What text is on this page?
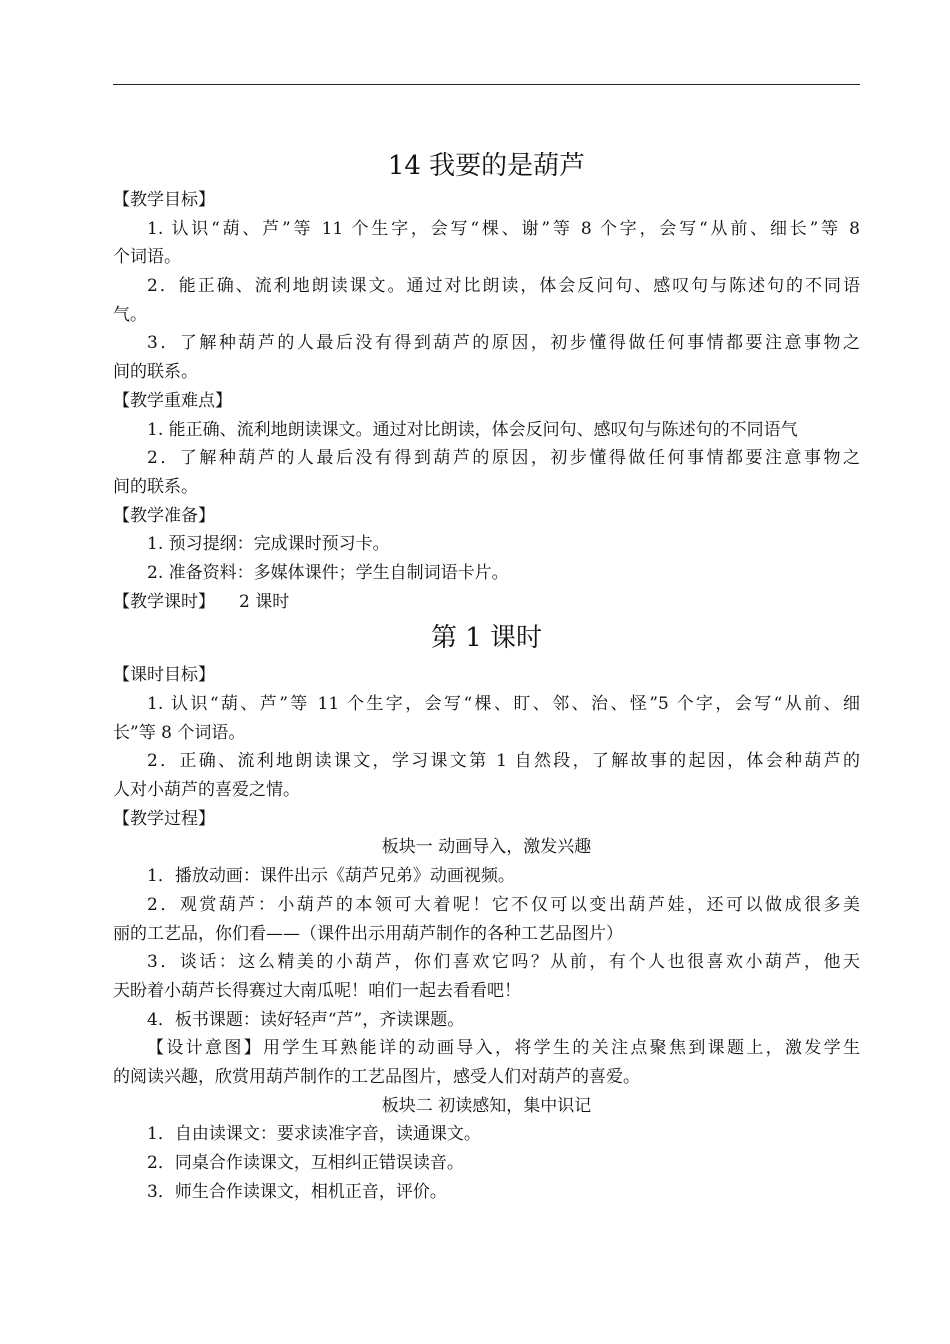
14 我要的是葫芦
【教学目标】
1. 认识“葫、芦”等 11 个生字，会写“棵、谢”等 8 个字，会写“从前、细长”等 8
个词语。
2．能正确、流利地朗读课文。通过对比朗读，体会反问句、感叹句与陈述句的不同语
气。
3．了解种葫芦的人最后没有得到葫芦的原因，初步懂得做任何事情都要注意事物之
间的联系。
【教学重难点】
1. 能正确、流利地朗读课文。通过对比朗读，体会反问句、感叹句与陈述句的不同语气
2．了解种葫芦的人最后没有得到葫芦的原因，初步懂得做任何事情都要注意事物之
间的联系。
【教学准备】
1. 预习提纲：完成课时预习卡。
2. 准备资料：多媒体课件；学生自制词语卡片。
【教学课时】 2 课时
第 1 课时
【课时目标】
1. 认识“葫、芦”等 11 个生字，会写“棵、盯、邻、治、怪”5 个字，会写“从前、细
长”等 8 个词语。
2．正确、流利地朗读课文，学习课文第 1 自然段，了解故事的起因，体会种葫芦的
人对小葫芦的喜爱之情。
【教学过程】
板块一 动画导入，激发兴趣
1．播放动画：课件出示《葫芦兄弟》动画视频。
2．观赏葫芦：小葫芦的本领可大着呢！它不仅可以变出葫芦娃，还可以做成很多美
丽的工艺品，你们看——（课件出示用葫芦制作的各种工艺品图片）
3．谈话：这么精美的小葫芦，你们喜欢它吗？从前，有个人也很喜欢小葫芦，他天
天盼着小葫芦长得赛过大南瓜呢！咱们一起去看看吧！
4．板书课题：读好轻声“芦”，齐读课题。
【设计意图】用学生耳熟能详的动画导入，将学生的关注点聚焦到课题上，激发学生
的阅读兴趣，欣赏用葫芦制作的工艺品图片，感受人们对葫芦的喜爱。
板块二 初读感知，集中识记
1．自由读课文：要求读准字音，读通课文。
2．同桌合作读课文，互相纠正错误读音。
3．师生合作读课文，相机正音，评价。
